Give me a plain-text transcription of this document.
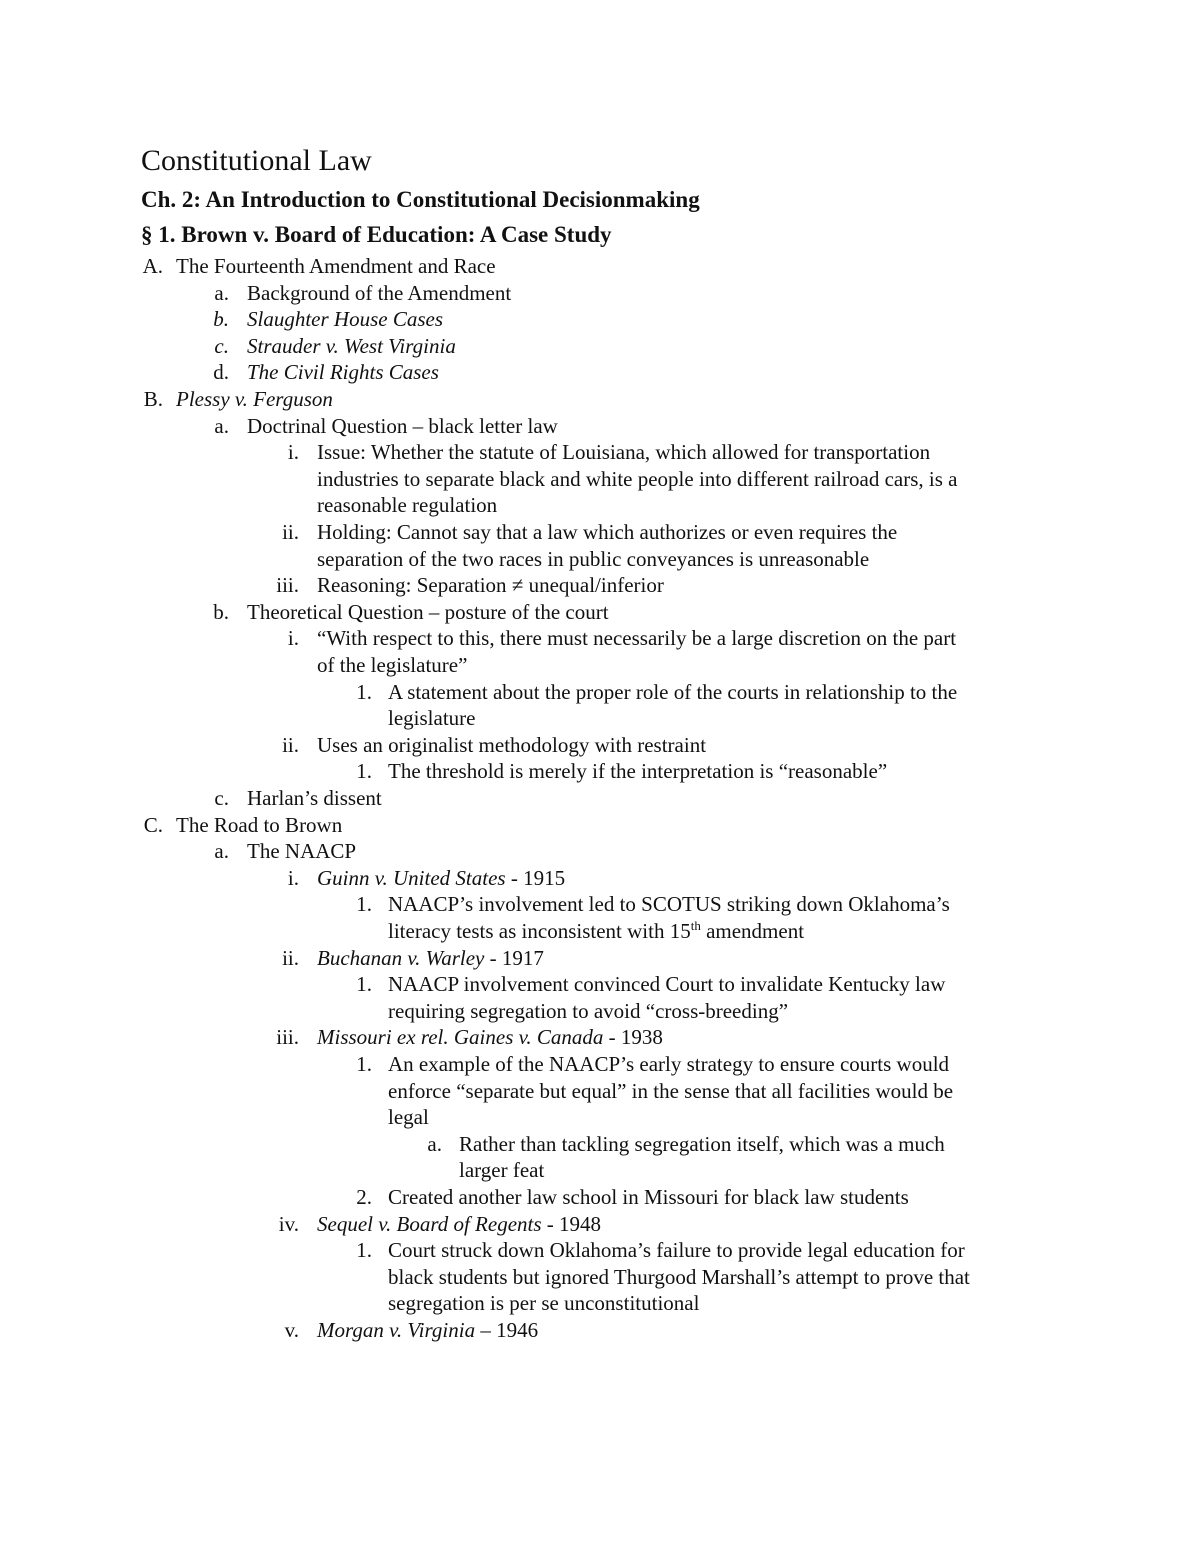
Constitutional Law
Ch. 2: An Introduction to Constitutional Decisionmaking
§ 1. Brown v. Board of Education: A Case Study
A. The Fourteenth Amendment and Race
a. Background of the Amendment
b. Slaughter House Cases
c. Strauder v. West Virginia
d. The Civil Rights Cases
B. Plessy v. Ferguson
a. Doctrinal Question – black letter law
i. Issue: Whether the statute of Louisiana, which allowed for transportation
industries to separate black and white people into different railroad cars, is a
reasonable regulation
ii. Holding: Cannot say that a law which authorizes or even requires the
separation of the two races in public conveyances is unreasonable
iii. Reasoning: Separation ≠ unequal/inferior
b. Theoretical Question – posture of the court
i. “With respect to this, there must necessarily be a large discretion on the part
of the legislature”
1. A statement about the proper role of the courts in relationship to the
legislature
ii. Uses an originalist methodology with restraint
1. The threshold is merely if the interpretation is “reasonable”
c. Harlan’s dissent
C. The Road to Brown
a. The NAACP
i. Guinn v. United States - 1915
1. NAACP’s involvement led to SCOTUS striking down Oklahoma’s
literacy tests as inconsistent with 15th amendment
ii. Buchanan v. Warley - 1917
1. NAACP involvement convinced Court to invalidate Kentucky law
requiring segregation to avoid “cross-breeding”
iii. Missouri ex rel. Gaines v. Canada - 1938
1. An example of the NAACP’s early strategy to ensure courts would
enforce “separate but equal” in the sense that all facilities would be
legal
a. Rather than tackling segregation itself, which was a much
larger feat
2. Created another law school in Missouri for black law students
iv. Sequel v. Board of Regents - 1948
1. Court struck down Oklahoma’s failure to provide legal education for
black students but ignored Thurgood Marshall’s attempt to prove that
segregation is per se unconstitutional
v. Morgan v. Virginia – 1946
